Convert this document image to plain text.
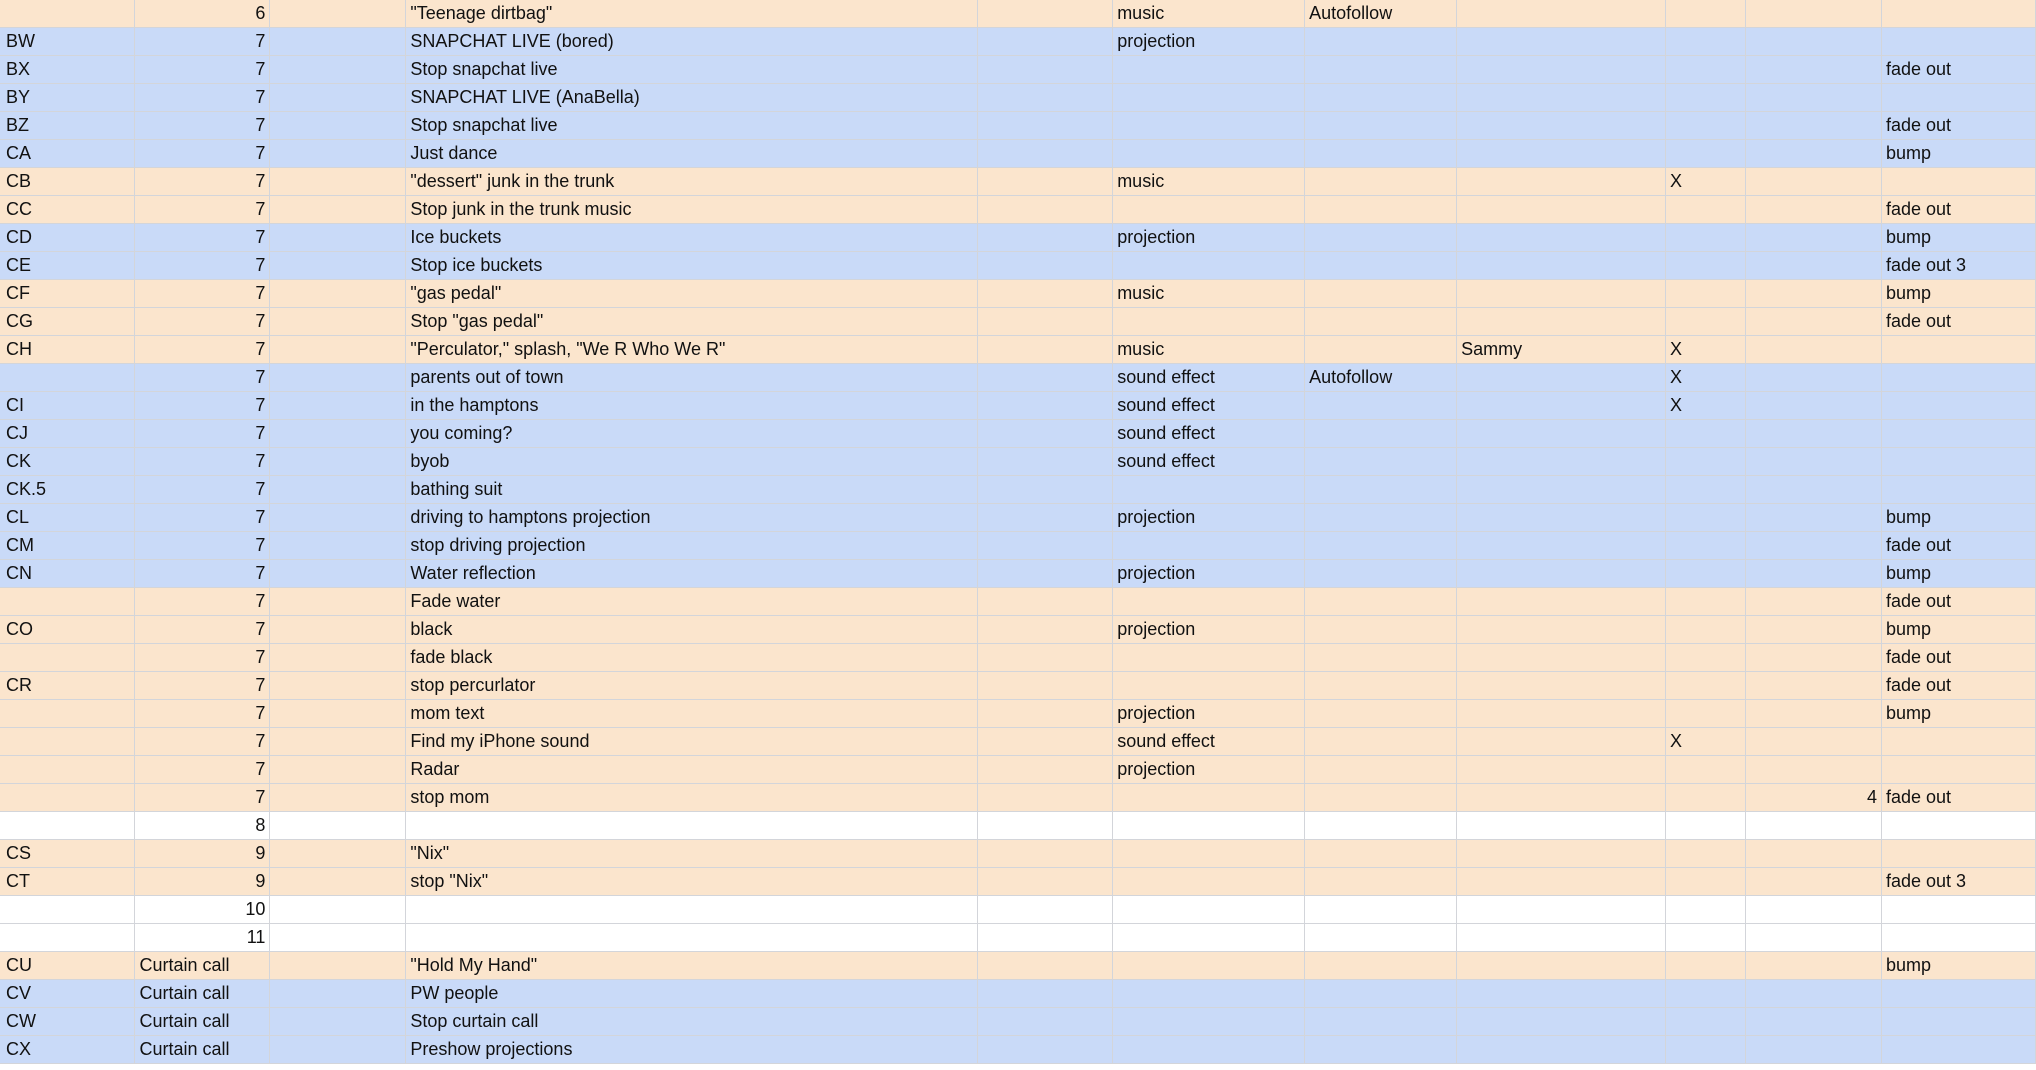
	6		"Teenage dirtbag"		music	Autofollow				
BW	7		SNAPCHAT LIVE (bored)		projection					
BX	7		Stop snapchat live							fade out
BY	7		SNAPCHAT LIVE (AnaBella)							
BZ	7		Stop snapchat live							fade out
CA	7		Just dance							bump
CB	7		"dessert" junk in the trunk		music			X		
CC	7		Stop junk in the trunk music							fade out
CD	7		Ice buckets		projection					bump
CE	7		Stop ice buckets							fade out 3
CF	7		"gas pedal"		music					bump
CG	7		Stop "gas pedal"							fade out
CH	7		"Perculator," splash, "We R Who We R"		music		Sammy	X		
	7		parents out of town		sound effect	Autofollow		X		
CI	7		in the hamptons		sound effect			X		
CJ	7		you coming?		sound effect					
CK	7		byob		sound effect					
CK.5	7		bathing suit							
CL	7		driving to hamptons projection		projection					bump
CM	7		stop driving projection							fade out
CN	7		Water reflection		projection					bump
	7		Fade water							fade out
CO	7		black		projection					bump
	7		fade black							fade out
CR	7		stop percurlator							fade out
	7		mom text		projection					bump
	7		Find my iPhone sound		sound effect			X		
	7		Radar		projection					
	7		stop mom						4	fade out
	8									
CS	9		"Nix"							
CT	9		stop "Nix"							fade out 3
	10									
	11									
CU	Curtain call		"Hold My Hand"							bump
CV	Curtain call		PW people							
CW	Curtain call		Stop curtain call							
CX	Curtain call		Preshow projections							
